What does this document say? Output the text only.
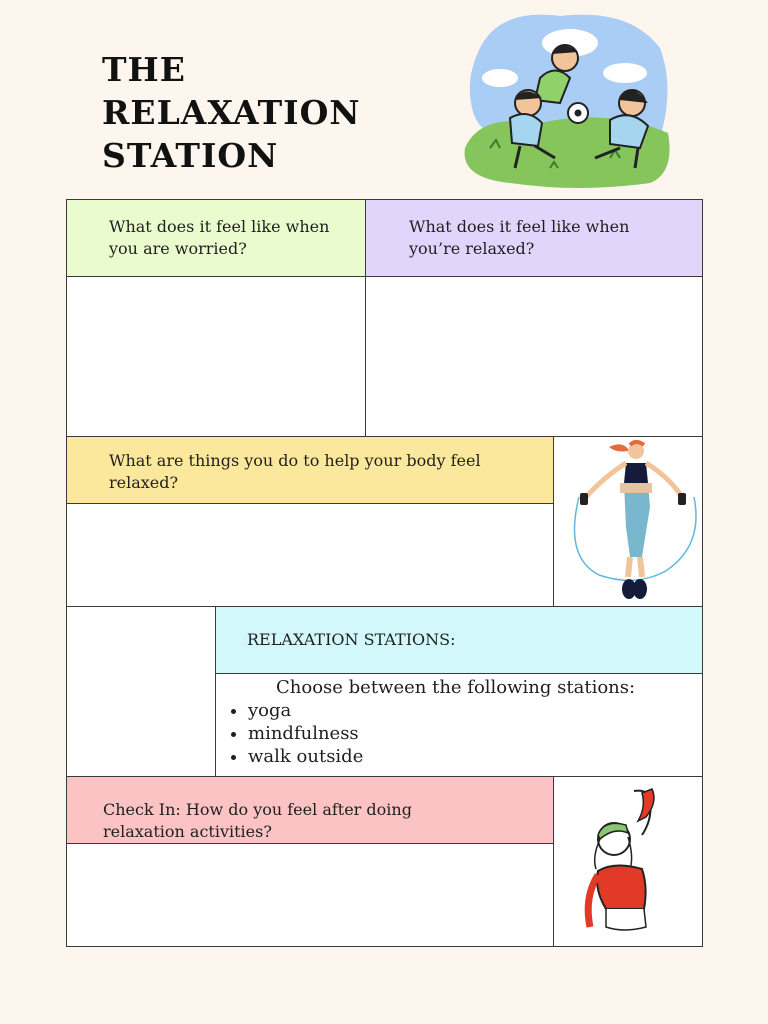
THE
RELAXATION
STATION
What does it feel like when you are worried?
What does it feel like when you’re relaxed?
What are things you do to help your body feel relaxed?
RELAXATION STATIONS:
Choose between the following stations:
• yoga
• mindfulness
• walk outside
Check In: How do you feel after doing relaxation activities?
